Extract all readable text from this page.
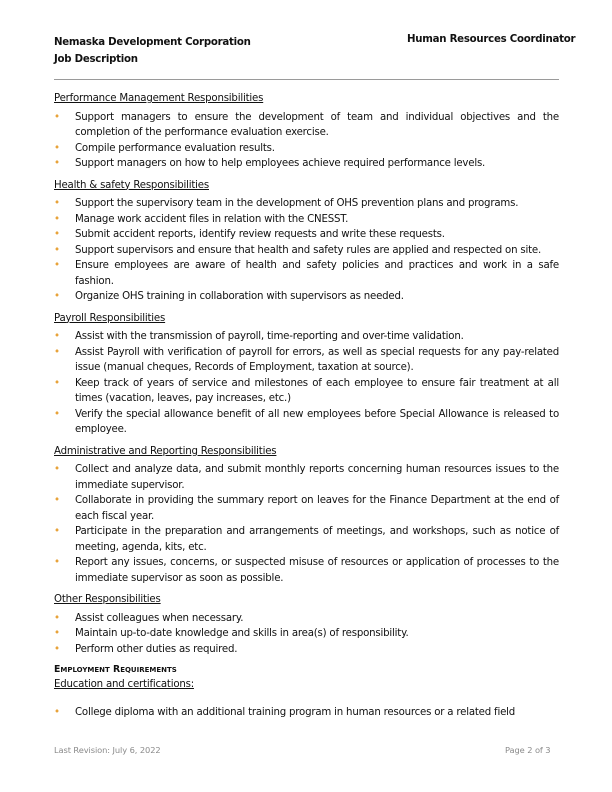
Nemaska Development Corporation
Job Description
Human Resources Coordinator
Performance Management Responsibilities
• Support managers to ensure the development of team and individual objectives and the completion of the performance evaluation exercise.
• Compile performance evaluation results.
• Support managers on how to help employees achieve required performance levels.
Health & safety Responsibilities
• Support the supervisory team in the development of OHS prevention plans and programs.
• Manage work accident files in relation with the CNESST.
• Submit accident reports, identify review requests and write these requests.
• Support supervisors and ensure that health and safety rules are applied and respected on site.
• Ensure employees are aware of health and safety policies and practices and work in a safe fashion.
• Organize OHS training in collaboration with supervisors as needed.
Payroll Responsibilities
• Assist with the transmission of payroll, time-reporting and over-time validation.
• Assist Payroll with verification of payroll for errors, as well as special requests for any pay-related issue (manual cheques, Records of Employment, taxation at source).
• Keep track of years of service and milestones of each employee to ensure fair treatment at all times (vacation, leaves, pay increases, etc.)
• Verify the special allowance benefit of all new employees before Special Allowance is released to employee.
Administrative and Reporting Responsibilities
• Collect and analyze data, and submit monthly reports concerning human resources issues to the immediate supervisor.
• Collaborate in providing the summary report on leaves for the Finance Department at the end of each fiscal year.
• Participate in the preparation and arrangements of meetings, and workshops, such as notice of meeting, agenda, kits, etc.
• Report any issues, concerns, or suspected misuse of resources or application of processes to the immediate supervisor as soon as possible.
Other Responsibilities
• Assist colleagues when necessary.
• Maintain up-to-date knowledge and skills in area(s) of responsibility.
• Perform other duties as required.
Employment Requirements
Education and certifications:
• College diploma with an additional training program in human resources or a related field
Last Revision: July 6, 2022	Page 2 of 3
